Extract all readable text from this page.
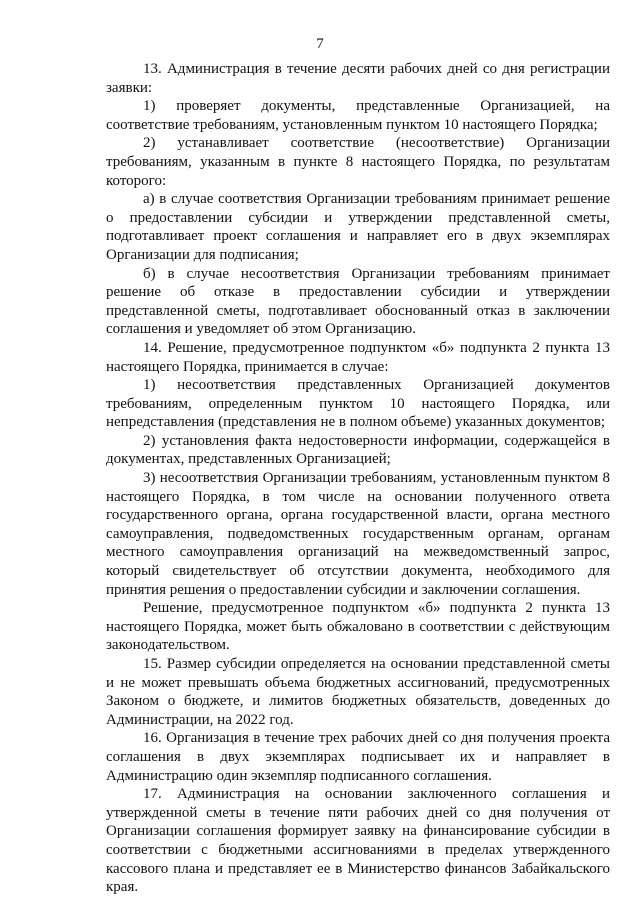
7

13. Администрация в течение десяти рабочих дней со дня регистрации заявки:

1) проверяет документы, представленные Организацией, на соответствие требованиям, установленным пунктом 10 настоящего Порядка;

2) устанавливает соответствие (несоответствие) Организации требованиям, указанным в пункте 8 настоящего Порядка, по результатам которого:

а) в случае соответствия Организации требованиям принимает решение о предоставлении субсидии и утверждении представленной сметы, подготавливает проект соглашения и направляет его в двух экземплярах Организации для подписания;

б) в случае несоответствия Организации требованиям принимает решение об отказе в предоставлении субсидии и утверждении представленной сметы, подготавливает обоснованный отказ в заключении соглашения и уведомляет об этом Организацию.

14. Решение, предусмотренное подпунктом «б» подпункта 2 пункта 13 настоящего Порядка, принимается в случае:

1) несоответствия представленных Организацией документов требованиям, определенным пунктом 10 настоящего Порядка, или непредставления (представления не в полном объеме) указанных документов;

2) установления факта недостоверности информации, содержащейся в документах, представленных Организацией;

3) несоответствия Организации требованиям, установленным пунктом 8 настоящего Порядка, в том числе на основании полученного ответа государственного органа, органа государственной власти, органа местного самоуправления, подведомственных государственным органам, органам местного самоуправления организаций на межведомственный запрос, который свидетельствует об отсутствии документа, необходимого для принятия решения о предоставлении субсидии и заключении соглашения.

Решение, предусмотренное подпунктом «б» подпункта 2 пункта 13 настоящего Порядка, может быть обжаловано в соответствии с действующим законодательством.

15. Размер субсидии определяется на основании представленной сметы и не может превышать объема бюджетных ассигнований, предусмотренных Законом о бюджете, и лимитов бюджетных обязательств, доведенных до Администрации, на 2022 год.

16. Организация в течение трех рабочих дней со дня получения проекта соглашения в двух экземплярах подписывает их и направляет в Администрацию один экземпляр подписанного соглашения.

17. Администрация на основании заключенного соглашения и утвержденной сметы в течение пяти рабочих дней со дня получения от Организации соглашения формирует заявку на финансирование субсидии в соответствии с бюджетными ассигнованиями в пределах утвержденного кассового плана и представляет ее в Министерство финансов Забайкальского края.
